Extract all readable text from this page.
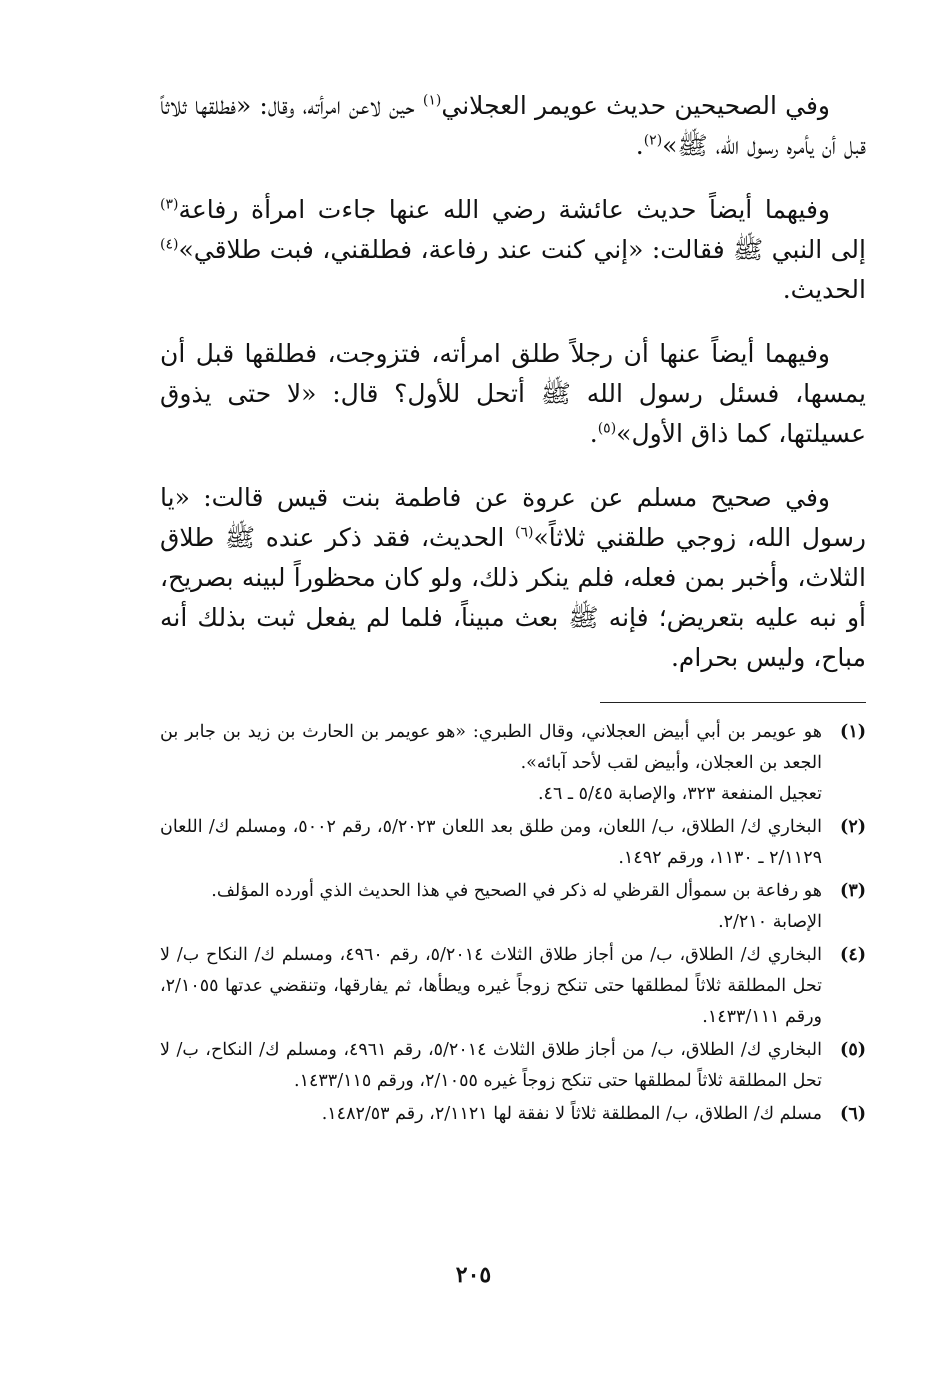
وفي الصحيحين حديث عويمر العجلاني$^{(١)}$ حين لاعن امرأته، وقال: «فطلقها ثلاثاً قبل أن يأمره رسول الله، ﷺ»$^{(٢)}$.

وفيهما أيضاً حديث عائشة رضي الله عنها جاءت امرأة رفاعة$^{(٣)}$ إلى النبي ﷺ فقالت: «إني كنت عند رفاعة، فطلقني، فبت طلاقي»$^{(٤)}$ الحديث.

وفيهما أيضاً عنها أن رجلاً طلق امرأته، فتزوجت، فطلقها قبل أن يمسها، فسئل رسول الله ﷺ أتحل للأول؟ قال: «لا حتى يذوق عسيلتها، كما ذاق الأول»$^{(٥)}$.

وفي صحيح مسلم عن عروة عن فاطمة بنت قيس قالت: «يا رسول الله، زوجي طلقني ثلاثاً»$^{(٦)}$ الحديث، فقد ذكر عنده ﷺ طلاق الثلاث، وأخبر بمن فعله، فلم ينكر ذلك، ولو كان محظوراً لبينه بصريح، أو نبه عليه بتعريض؛ فإنه ﷺ بعث مبيناً، فلما لم يفعل ثبت بذلك أنه مباح، وليس بحرام.

(١)
هو عويمر بن أبي أبيض العجلاني، وقال الطبري: «هو عويمر بن الحارث بن زيد بن جابر بن الجعد بن العجلان، وأبيض لقب لأحد آبائه».
تعجيل المنفعة ٣٢٣، والإصابة ٥/٤٥ ـ ٤٦.
(٢)
البخاري ك/ الطلاق، ب/ اللعان، ومن طلق بعد اللعان ٥/٢٠٢٣، رقم ٥٠٠٢، ومسلم ك/ اللعان ٢/١١٢٩ ـ ١١٣٠، ورقم ١٤٩٢.
(٣)
هو رفاعة بن سموأل القرظي له ذكر في الصحيح في هذا الحديث الذي أورده المؤلف.
الإصابة ٢/٢١٠.
(٤)
البخاري ك/ الطلاق، ب/ من أجاز طلاق الثلاث ٥/٢٠١٤، رقم ٤٩٦٠، ومسلم ك/ النكاح ب/ لا تحل المطلقة ثلاثاً لمطلقها حتى تنكح زوجاً غيره ويطأها، ثم يفارقها، وتنقضي عدتها ٢/١٠٥٥، ورقم ١٤٣٣/١١١.
(٥)
البخاري ك/ الطلاق، ب/ من أجاز طلاق الثلاث ٥/٢٠١٤، رقم ٤٩٦١، ومسلم ك/ النكاح، ب/ لا تحل المطلقة ثلاثاً لمطلقها حتى تنكح زوجاً غيره ٢/١٠٥٥، ورقم ١٤٣٣/١١٥.
(٦)
مسلم ك/ الطلاق، ب/ المطلقة ثلاثاً لا نفقة لها ٢/١١٢١، رقم ١٤٨٢/٥٣.
٢٠٥
